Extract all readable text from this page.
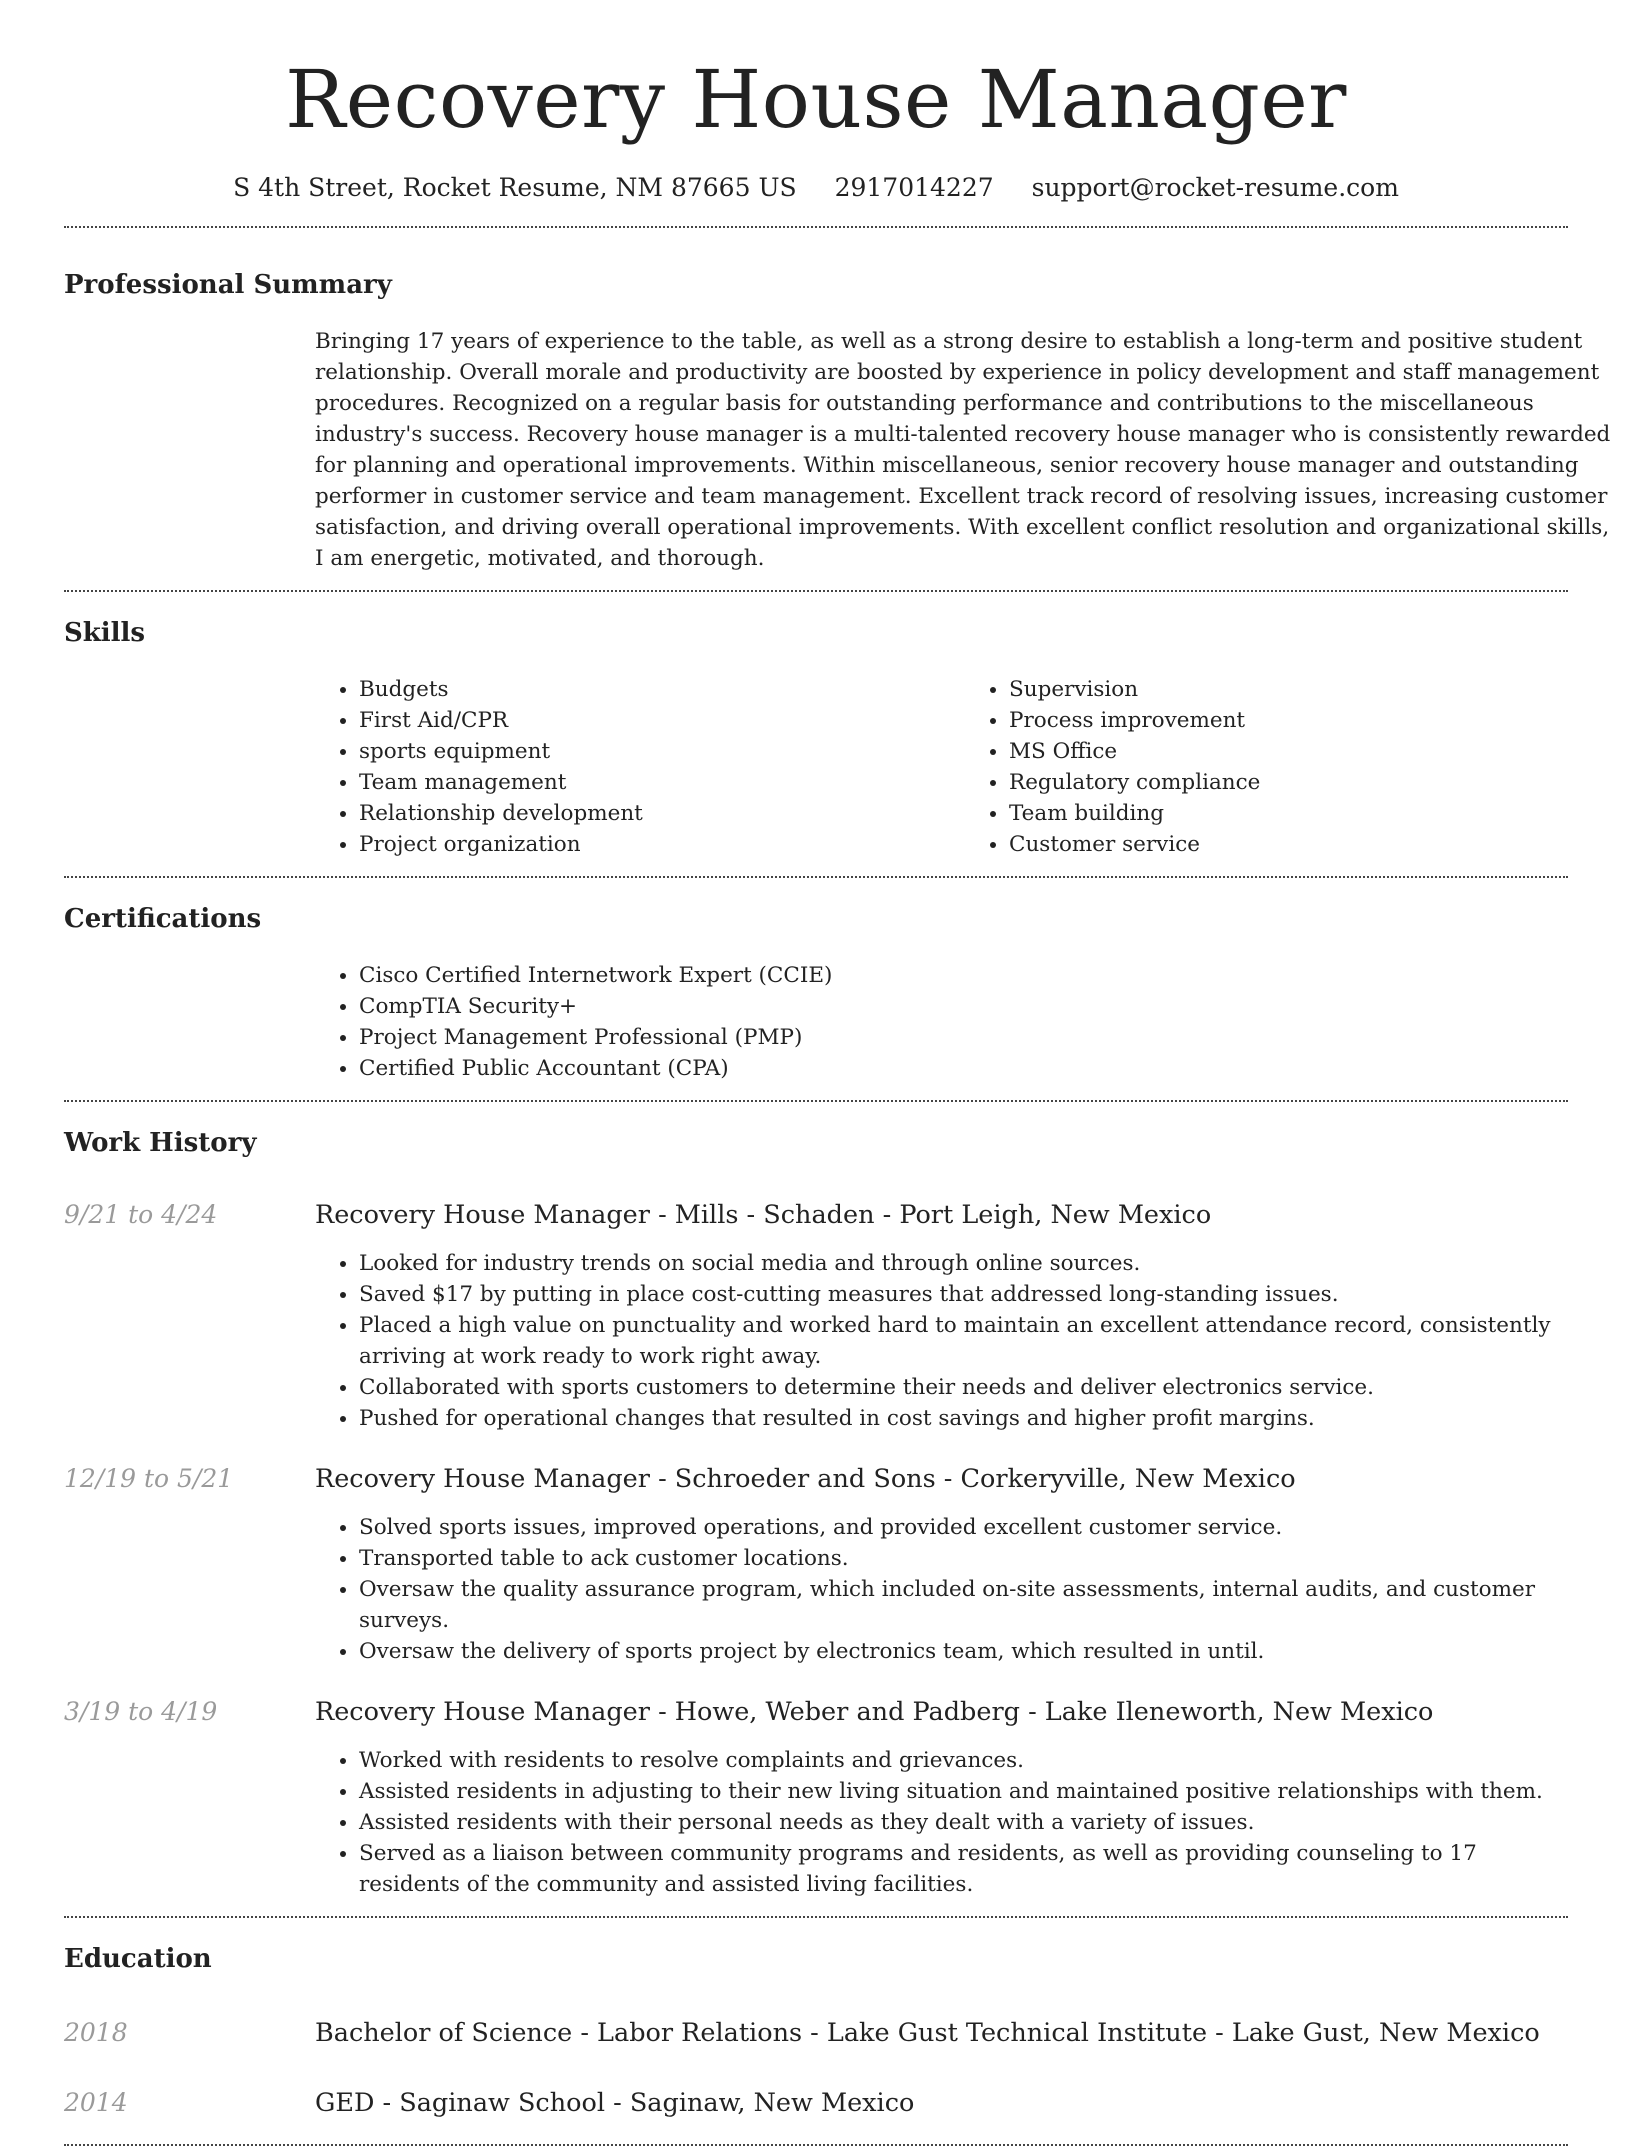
Recovery House Manager
S 4th Street, Rocket Resume, NM 87665 US 2917014227 support@rocket-resume.com
Professional Summary
Bringing 17 years of experience to the table, as well as a strong desire to establish a long-term and positive student relationship. Overall morale and productivity are boosted by experience in policy development and staff management procedures. Recognized on a regular basis for outstanding performance and contributions to the miscellaneous industry's success. Recovery house manager is a multi-talented recovery house manager who is consistently rewarded for planning and operational improvements. Within miscellaneous, senior recovery house manager and outstanding performer in customer service and team management. Excellent track record of resolving issues, increasing customer satisfaction, and driving overall operational improvements. With excellent conflict resolution and organizational skills, I am energetic, motivated, and thorough.
Skills
• Budgets
• First Aid/CPR
• sports equipment
• Team management
• Relationship development
• Project organization
• Supervision
• Process improvement
• MS Office
• Regulatory compliance
• Team building
• Customer service
Certifications
• Cisco Certified Internetwork Expert (CCIE)
• CompTIA Security+
• Project Management Professional (PMP)
• Certified Public Accountant (CPA)
Work History
9/21 to 4/24	Recovery House Manager - Mills - Schaden - Port Leigh, New Mexico
• Looked for industry trends on social media and through online sources.
• Saved $17 by putting in place cost-cutting measures that addressed long-standing issues.
• Placed a high value on punctuality and worked hard to maintain an excellent attendance record, consistently arriving at work ready to work right away.
• Collaborated with sports customers to determine their needs and deliver electronics service.
• Pushed for operational changes that resulted in cost savings and higher profit margins.
12/19 to 5/21	Recovery House Manager - Schroeder and Sons - Corkeryville, New Mexico
• Solved sports issues, improved operations, and provided excellent customer service.
• Transported table to ack customer locations.
• Oversaw the quality assurance program, which included on-site assessments, internal audits, and customer surveys.
• Oversaw the delivery of sports project by electronics team, which resulted in until.
3/19 to 4/19	Recovery House Manager - Howe, Weber and Padberg - Lake Ileneworth, New Mexico
• Worked with residents to resolve complaints and grievances.
• Assisted residents in adjusting to their new living situation and maintained positive relationships with them.
• Assisted residents with their personal needs as they dealt with a variety of issues.
• Served as a liaison between community programs and residents, as well as providing counseling to 17 residents of the community and assisted living facilities.
Education
2018	Bachelor of Science - Labor Relations - Lake Gust Technical Institute - Lake Gust, New Mexico
2014	GED - Saginaw School - Saginaw, New Mexico
